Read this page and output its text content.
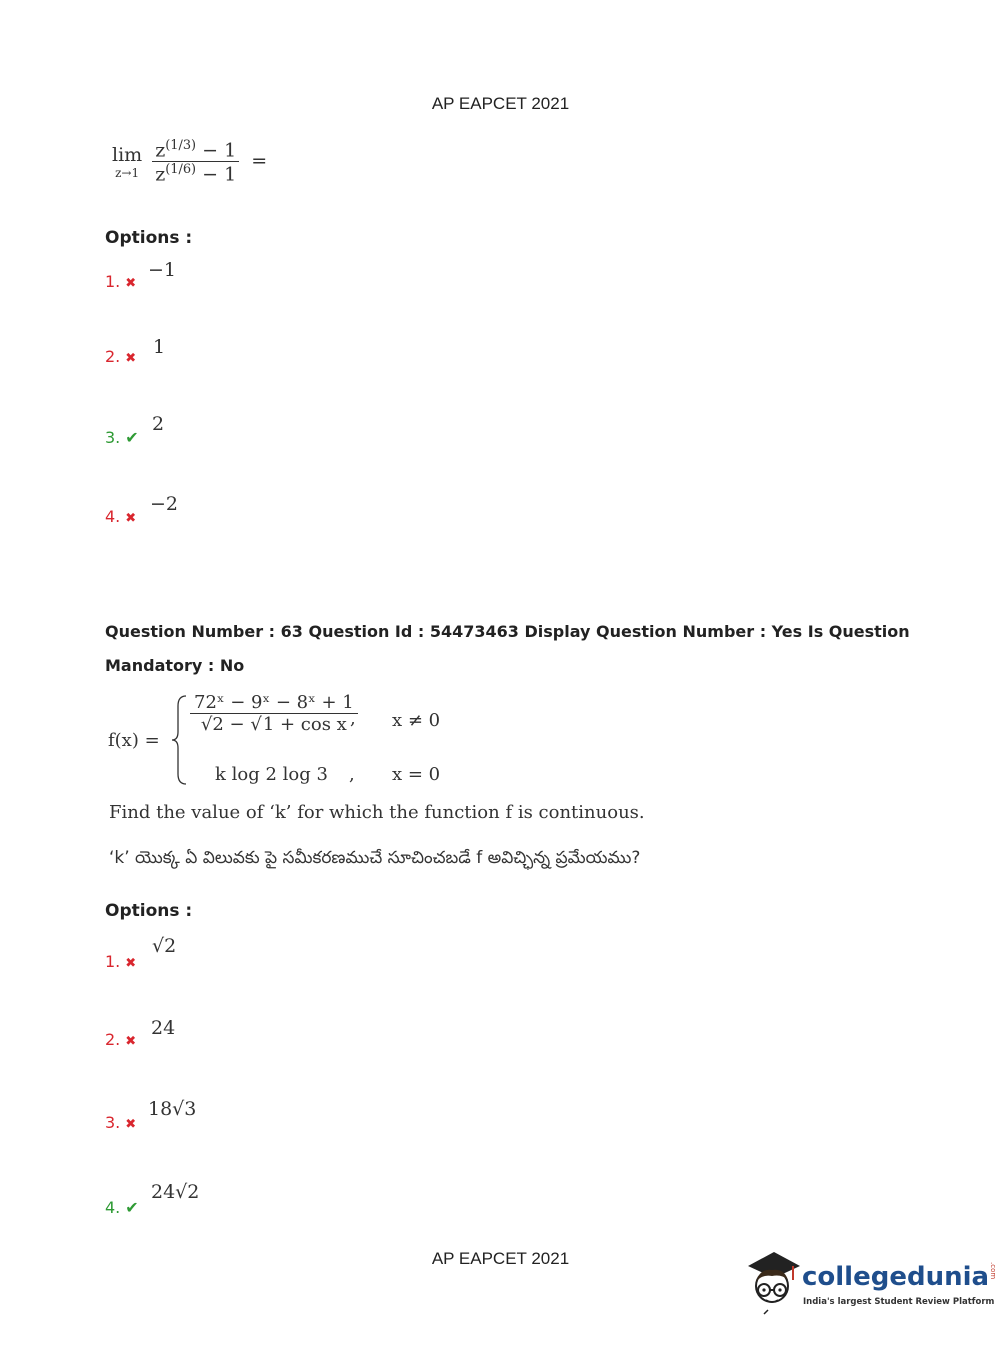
AP EAPCET 2021
lim
z→1
$\frac{z^{(1/3)} - 1}{z^{(1/6)} - 1}$ =
Options :
1. ✖
−1
2. ✖ 1
3. ✔
2
4. ✖
−2
Question Number : 63 Question Id : 54473463 Display Question Number : Yes Is Question
Mandatory : No
f(x) =
$\frac{\text{72ˣ − 9ˣ − 8ˣ + 1}}{\text{√2 − √1 + cos x}}$
, x ≠ 0
k log 2 log 3 , x = 0
Find the value of ‘k’ for which the function f is continuous.
‘k’ యొక్క ఏ విలువకు పై సమీకరణముచే సూచించబడే f అవిచ్ఛిన్న ప్రమేయము?
Options :
1. ✖
√2
2. ✖
24
3. ✖
18√3
4. ✔
24√2
AP EAPCET 2021
collegedunia.com
India's largest Student Review Platform
